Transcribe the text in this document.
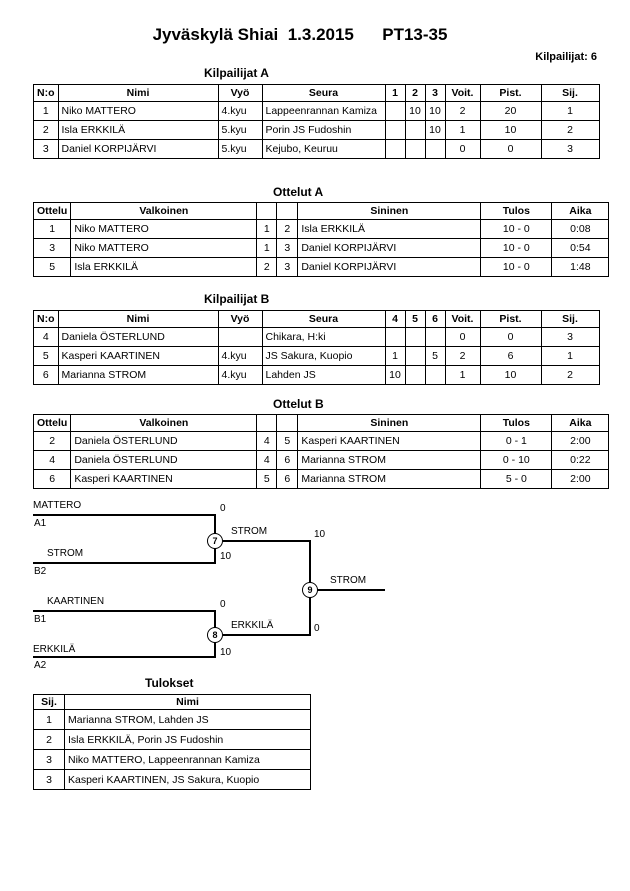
Jyväskylä Shiai  1.3.2015      PT13-35
Kilpailijat: 6
Kilpailijat A
N:o	Nimi	Vyö	Seura	1	2	3	Voit.	Pist.	Sij.
1	Niko MATTERO	4.kyu	Lappeenrannan Kamiza		10	10	2	20	1
2	Isla ERKKILÄ	5.kyu	Porin JS Fudoshin			10	1	10	2
3	Daniel KORPIJÄRVI	5.kyu	Kejubo, Keuruu				0	0	3
Ottelut A
Ottelu	Valkoinen			Sininen	Tulos	Aika
1	Niko MATTERO	1	2	Isla ERKKILÄ	10 - 0	0:08
3	Niko MATTERO	1	3	Daniel KORPIJÄRVI	10 - 0	0:54
5	Isla ERKKILÄ	2	3	Daniel KORPIJÄRVI	10 - 0	1:48
Kilpailijat B
N:o	Nimi	Vyö	Seura	4	5	6	Voit.	Pist.	Sij.
4	Daniela ÖSTERLUND		Chikara, H:ki				0	0	3
5	Kasperi KAARTINEN	4.kyu	JS Sakura, Kuopio	1		5	2	6	1
6	Marianna STROM	4.kyu	Lahden JS	10			1	10	2
Ottelut B
Ottelu	Valkoinen			Sininen	Tulos	Aika
2	Daniela ÖSTERLUND	4	5	Kasperi KAARTINEN	0 - 1	2:00
4	Daniela ÖSTERLUND	4	6	Marianna STROM	0 - 10	0:22
6	Kasperi KAARTINEN	5	6	Marianna STROM	5 - 0	2:00
MATTERO
A1
0
STROM
B2
10
STROM	10
KAARTINEN
B1
0
ERKKILÄ
A2
10
ERKKILÄ	0
STROM
7
8
9
Tulokset
Sij.	Nimi
1	Marianna STROM, Lahden JS
2	Isla ERKKILÄ, Porin JS Fudoshin
3	Niko MATTERO, Lappeenrannan Kamiza
3	Kasperi KAARTINEN, JS Sakura, Kuopio
